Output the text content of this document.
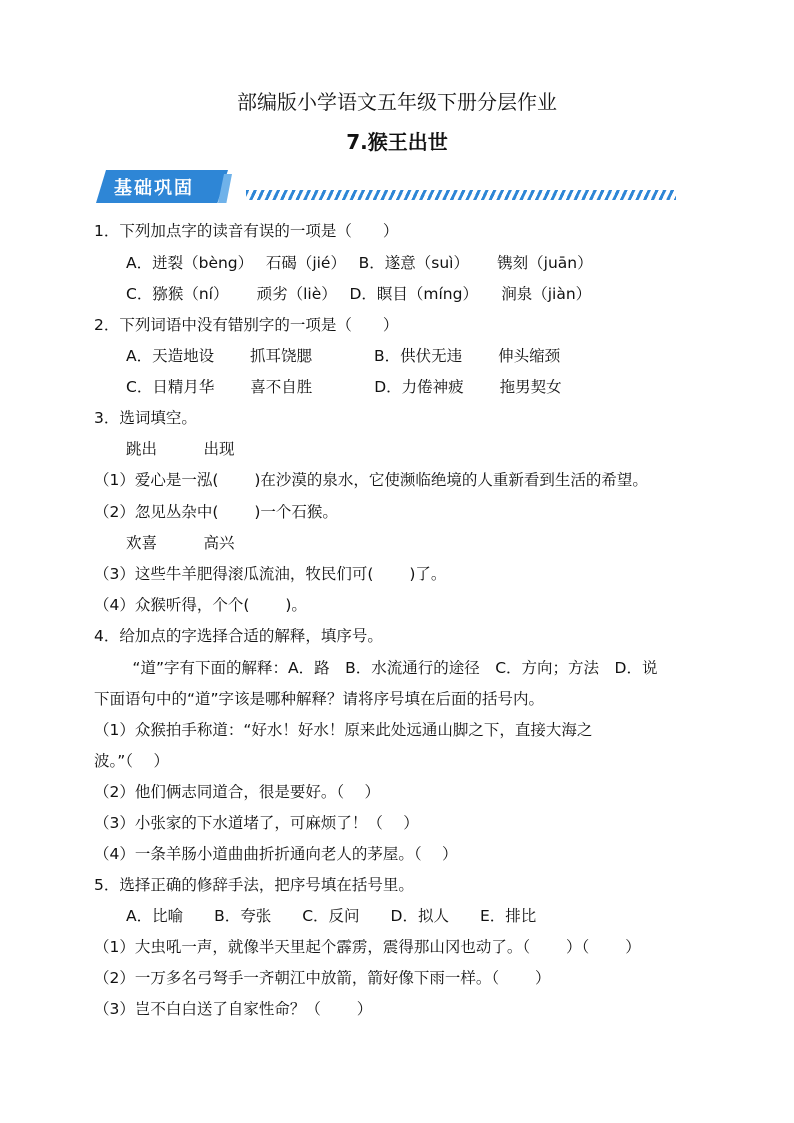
部编版小学语文五年级下册分层作业
7.猴王出世
基础巩固
1．下列加点字的读音有误的一项是（　　）
A．迸裂（bèng）　 石碣（jié）　 B．遂意（suì）　　 镌刻（juān）
C．猕猴（ní）　　 顽劣（liè）　 D．瞑目（míng）　　涧泉（jiàn）
2．下列词语中没有错别字的一项是（　　）
A．天造地设　　 抓耳饶腮　　　　B．供伏无违　　 伸头缩颈
C．日精月华　　 喜不自胜　　　　D．力倦神疲　　 拖男契女
3．选词填空。
跳出　　　出现
（1）爱心是一泓(　　 )在沙漠的泉水，它使濒临绝境的人重新看到生活的希望。
（2）忽见丛杂中(　　 )一个石猴。
欢喜　　　高兴
（3）这些牛羊肥得滚瓜流油，牧民们可(　　 )了。
（4）众猴听得，个个(　　 )。
4．给加点的字选择合适的解释，填序号。
　 “道”字有下面的解释：A．路　B．水流通行的途径　C．方向；方法　D．说
下面语句中的“道”字该是哪种解释？请将序号填在后面的括号内。
（1）众猴拍手称道：“好水！好水！原来此处远通山脚之下，直接大海之
波。”（　 ）
（2）他们俩志同道合，很是要好。（　 ）
（3）小张家的下水道堵了，可麻烦了！（　 ）
（4）一条羊肠小道曲曲折折通向老人的茅屋。（　 ）
5．选择正确的修辞手法，把序号填在括号里。
A．比喻　　B．夸张　　C．反问　　D．拟人　　E．排比
（1）大虫吼一声，就像半天里起个霹雳，震得那山冈也动了。（　　 ）（　　 ）
（2）一万多名弓弩手一齐朝江中放箭，箭好像下雨一样。（　　 ）
（3）岂不白白送了自家性命？（　　 ）
